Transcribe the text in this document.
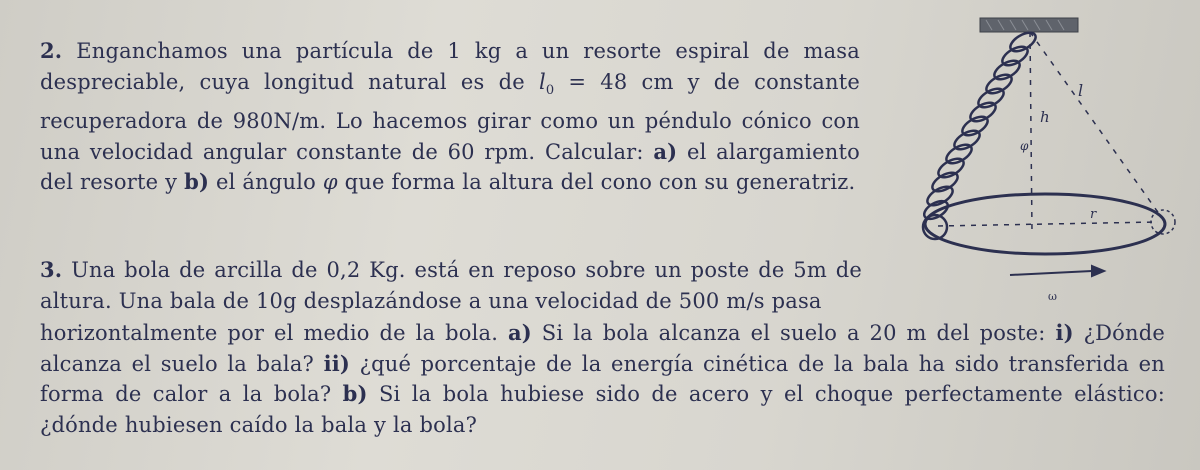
2. Enganchamos una partícula de 1 kg a un resorte espiral de masa despreciable, cuya longitud natural es de $l_0 = 48$ cm y de constante recuperadora de 980N/m. Lo hacemos girar como un péndulo cónico con una velocidad angular constante de 60 rpm. Calcular: a) el alargamiento del resorte y b) el ángulo φ que forma la altura del cono con su generatriz.
3. Una bola de arcilla de 0,2 Kg. está en reposo sobre un poste de 5m de altura. Una bala de 10g desplazándose a una velocidad de 500 m/s pasa
horizontalmente por el medio de la bola. a) Si la bola alcanza el suelo a 20 m del poste: i) ¿Dónde alcanza el suelo la bala? ii) ¿qué porcentaje de la energía cinética de la bala ha sido transferida en forma de calor a la bola? b) Si la bola hubiese sido de acero y el choque perfectamente elástico: ¿dónde hubiesen caído la bala y la bola?
l
h
φ
r
ω
